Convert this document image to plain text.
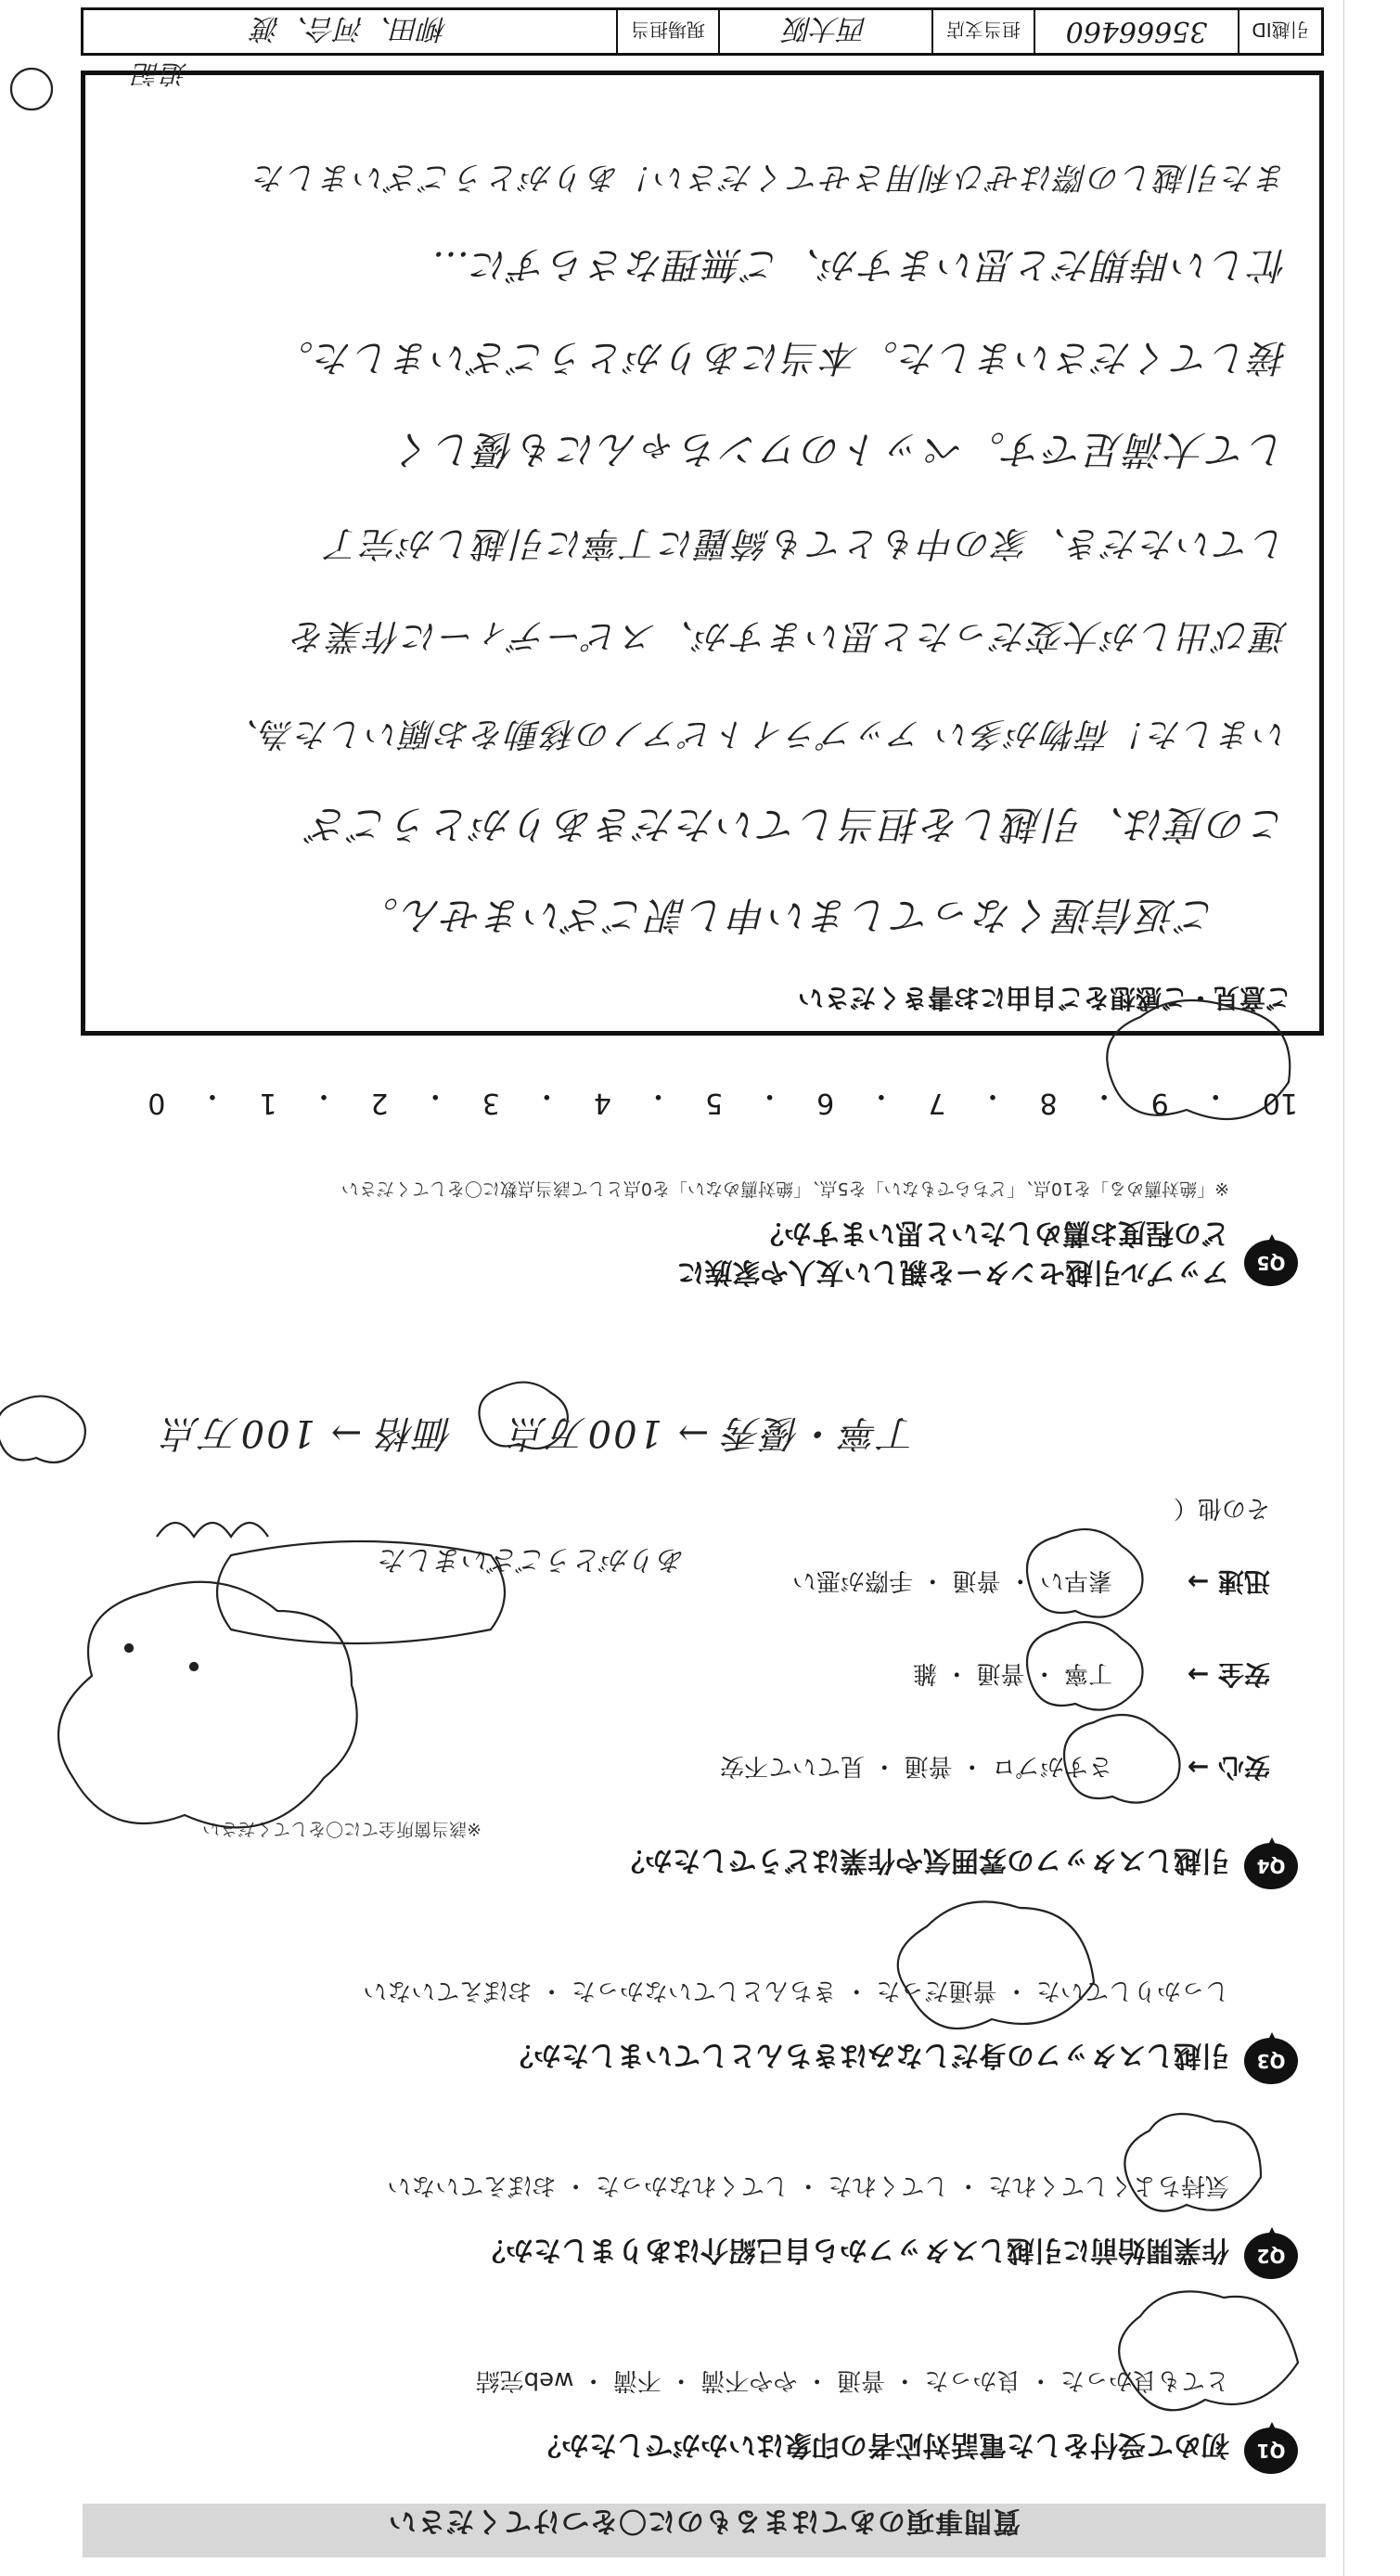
質問事項のあてはまるものに〇をつけてください
Q1
初めて受付をした電話対応者の印象はいかがでしたか？
とても良かった ・ 良かった ・ 普通 ・ やや不満 ・ 不満 ・ web完結
Q2
作業開始前に引越しスタッフから自己紹介はありましたか？
気持ちよくしてくれた ・ してくれた ・ してくれなかった ・ おぼえていない
Q3
引越しスタッフの身だしなみはきちんとしていましたか？
しっかりしていた ・ 普通だった ・ きちんとしていなかった ・ おぼえていない
Q4
引越しスタッフの雰囲気や作業はどうでしたか？
※該当箇所全てに〇をしてください
安心 →
さすがプロ ・ 普通 ・ 見ていて不安
安全 →
丁寧 ・ 普通 ・ 雑
迅速 →
素早い ・ 普通 ・ 手際が悪い
その他（
丁寧・優秀 → 100万点
価格 → 100万点
ありがとうございました
Q5
アップル引越センターを親しい友人や家族に
どの程度お薦めしたいと思いますか？
※「絶対薦める」を10点、「どちらでもない」を5点、「絶対薦めない」を0点として該当点数に〇をしてください
10
・
9
・
8
・
7
・
6
・
5
・
4
・
3
・
2
・
1
・
0
ご意見・ご感想をご自由にお書きください
ご返信遅くなってしまい申し訳ございません。
この度は、引越しを担当していただきありがとうござ
いました！荷物が多い アップライトピアノの移動をお願いした為、
運び出しが大変だったと思いますが、スピーディーに作業を
していただき、家の中もとても綺麗に丁寧に引越しが完了
して大満足です。ペットのワンちゃんにも優しく
接してくださいました。本当にありがとうございました。
忙しい時期だと思いますが、ご無理なさらずに…
また引越しの際はぜひ利用させてください！ありがとうございました
追記
引越ID
35666460
担当支店
西大阪
現場担当
柳田、河合、渡
